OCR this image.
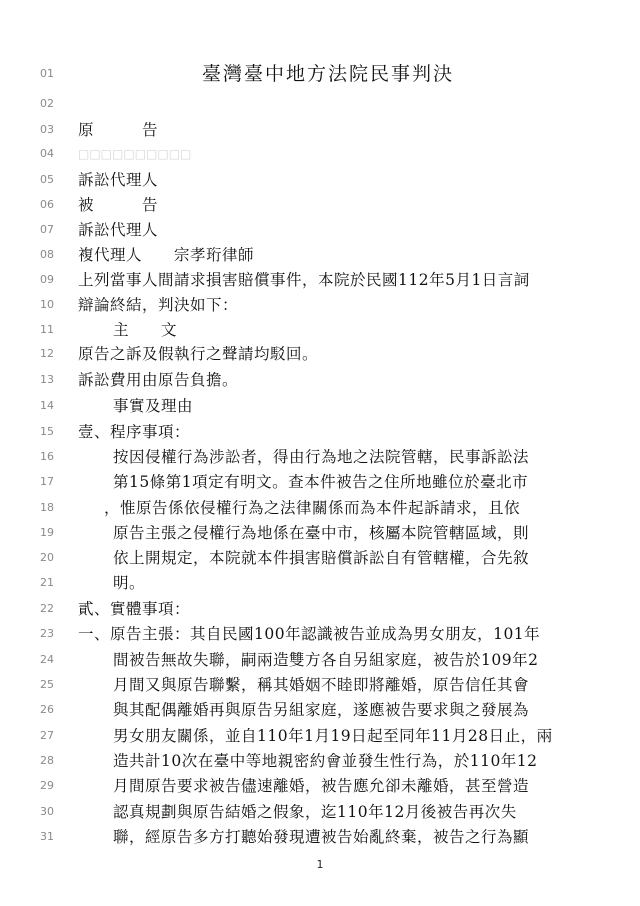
01	臺灣臺中地方法院民事判決
02
03	原　　　告
04	□□□□□□□□□□
05	訴訟代理人
06	被　　　告
07	訴訟代理人
08	複代理人　　宗孝珩律師
09	上列當事人間請求損害賠償事件，本院於民國112年5月1日言詞
10	辯論終結，判決如下：
11	主　　文
12	原告之訴及假執行之聲請均駁回。
13	訴訟費用由原告負擔。
14	事實及理由
15	壹、程序事項：
16	按因侵權行為涉訟者，得由行為地之法院管轄，民事訴訟法
17	第15條第1項定有明文。查本件被告之住所地雖位於臺北市
18	，惟原告係依侵權行為之法律關係而為本件起訴請求，且依
19	原告主張之侵權行為地係在臺中市，核屬本院管轄區域，則
20	依上開規定，本院就本件損害賠償訴訟自有管轄權，合先敘
21	明。
22	貳、實體事項：
23	一、原告主張：其自民國100年認識被告並成為男女朋友，101年
24	間被告無故失聯，嗣兩造雙方各自另組家庭，被告於109年2
25	月間又與原告聯繫，稱其婚姻不睦即將離婚，原告信任其會
26	與其配偶離婚再與原告另組家庭，遂應被告要求與之發展為
27	男女朋友關係，並自110年1月19日起至同年11月28日止，兩
28	造共計10次在臺中等地親密約會並發生性行為，於110年12
29	月間原告要求被告儘速離婚，被告應允卻未離婚，甚至營造
30	認真規劃與原告結婚之假象，迄110年12月後被告再次失
31	聯，經原告多方打聽始發現遭被告始亂終棄，被告之行為顯
1
